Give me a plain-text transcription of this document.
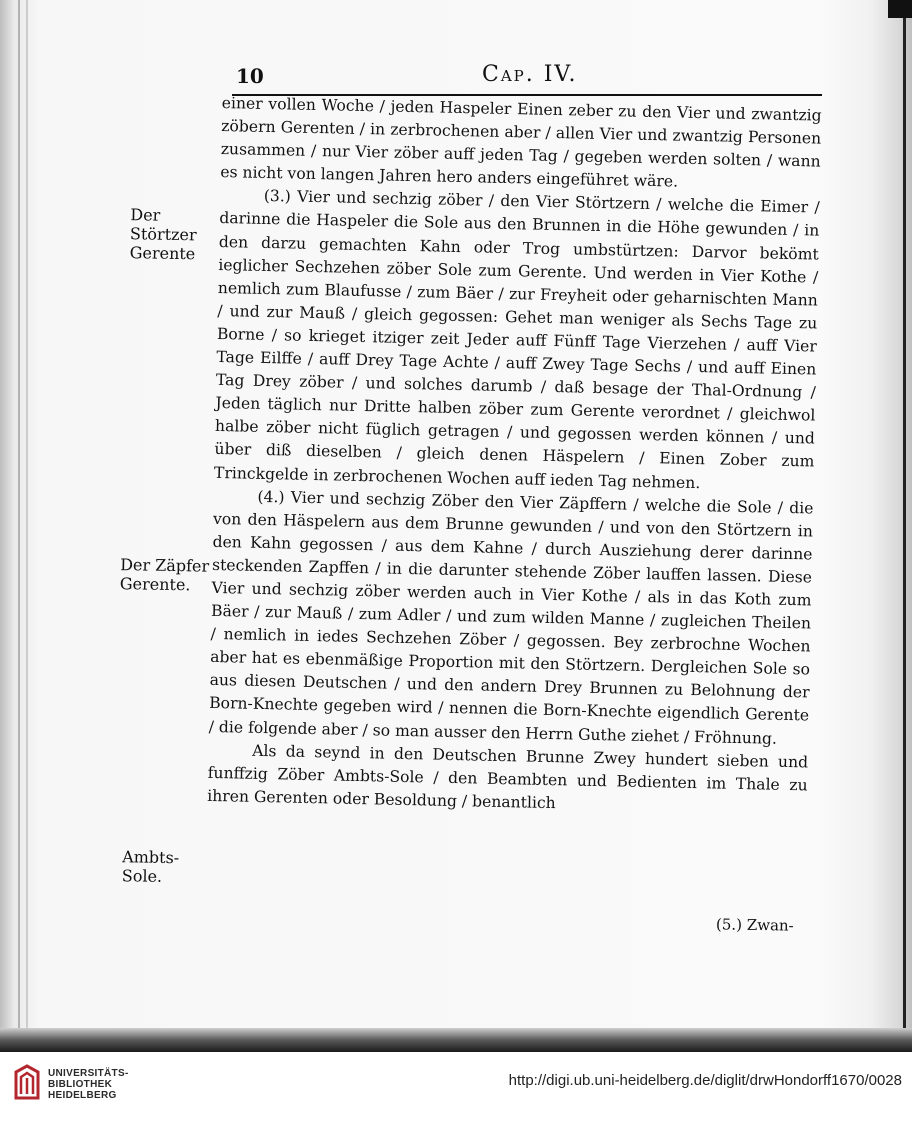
10	Cap. IV.
Der Störtzer Gerente
Der Zäpfer Gerente.
Ambts-Sole.

einer vollen Woche / jeden Haspeler Einen zeber zu den Vier und zwantzig zöbern Gerenten / in zerbrochenen aber / allen Vier und zwantzig Personen zusammen / nur Vier zöber auff jeden Tag / gegeben werden solten / wann es nicht von langen Jahren hero anders eingeführet wäre.

(3.) Vier und sechzig zöber / den Vier Störtzern / welche die Eimer / darinne die Haspeler die Sole aus den Brunnen in die Höhe gewunden / in den darzu gemachten Kahn oder Trog umbstürtzen: Darvor bekömt ieglicher Sechzehen zöber Sole zum Gerente. Und werden in Vier Kothe / nemlich zum Blaufusse / zum Bäer / zur Freyheit oder geharnischten Mann / und zur Mauß / gleich gegossen: Gehet man weniger als Sechs Tage zu Borne / so krieget itziger zeit Jeder auff Fünff Tage Vierzehen / auff Vier Tage Eilffe / auff Drey Tage Achte / auff Zwey Tage Sechs / und auff Einen Tag Drey zöber / und solches darumb / daß besage der Thal-Ordnung / Jeden täglich nur Dritte halben zöber zum Gerente verordnet / gleichwol halbe zöber nicht füglich getragen / und gegossen werden können / und über diß dieselben / gleich denen Häspelern / Einen Zober zum Trinckgelde in zerbrochenen Wochen auff ieden Tag nehmen.

(4.) Vier und sechzig Zöber den Vier Zäpffern / welche die Sole / die von den Häspelern aus dem Brunne gewunden / und von den Störtzern in den Kahn gegossen / aus dem Kahne / durch Ausziehung derer darinne steckenden Zapffen / in die darunter stehende Zöber lauffen lassen. Diese Vier und sechzig zöber werden auch in Vier Kothe / als in das Koth zum Bäer / zur Mauß / zum Adler / und zum wilden Manne / zugleichen Theilen / nemlich in iedes Sechzehen Zöber / gegossen. Bey zerbrochne Wochen aber hat es ebenmäßige Proportion mit den Störtzern. Dergleichen Sole so aus diesen Deutschen / und den andern Drey Brunnen zu Belohnung der Born-Knechte gegeben wird / nennen die Born-Knechte eigendlich Gerente / die folgende aber / so man ausser den Herrn Guthe ziehet / Fröhnung.

Als da seynd in den Deutschen Brunne Zwey hundert sieben und funffzig Zöber Ambts-Sole / den Beambten und Bedienten im Thale zu ihren Gerenten oder Besoldung / benantlich

(5.) Zwan-
UNIVERSITÄTS-
BIBLIOTHEK
HEIDELBERG
http://digi.ub.uni-heidelberg.de/diglit/drwHondorff1670/0028
